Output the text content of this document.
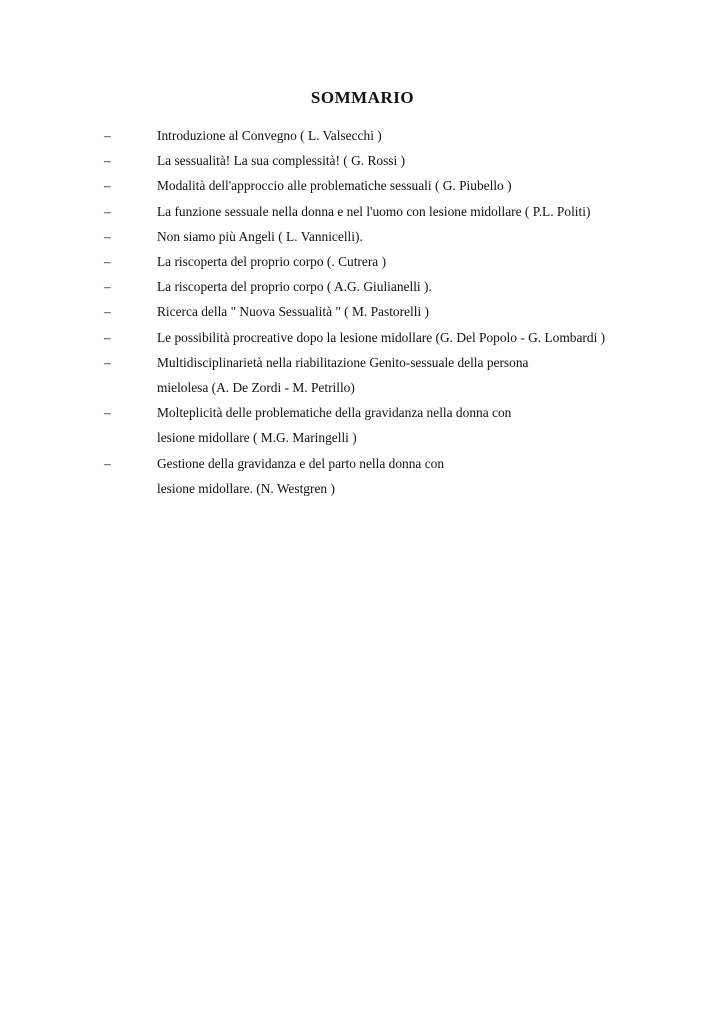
SOMMARIO
–	Introduzione al Convegno ( L. Valsecchi )
–	La sessualità! La sua complessità! ( G. Rossi )
–	Modalità dell'approccio alle problematiche sessuali ( G. Piubello )
–	La funzione sessuale nella donna e nel l'uomo con lesione midollare ( P.L. Politi)
–	Non siamo più Angeli ( L. Vannicelli).
–	La riscoperta del proprio corpo (. Cutrera )
–	La riscoperta del proprio corpo ( A.G. Giulianelli ).
–	Ricerca della " Nuova Sessualità " ( M. Pastorelli )
–	Le possibilità procreative dopo la lesione midollare (G. Del Popolo - G. Lombardi )
–	Multidisciplinarietà nella riabilitazione Genito-sessuale della persona
mielolesa (A. De Zordi - M. Petrillo)
–	Molteplicità delle problematiche della gravidanza nella donna con
lesione midollare ( M.G. Maringelli )
–	Gestione della gravidanza e del parto nella donna con
lesione midollare. (N. Westgren )
